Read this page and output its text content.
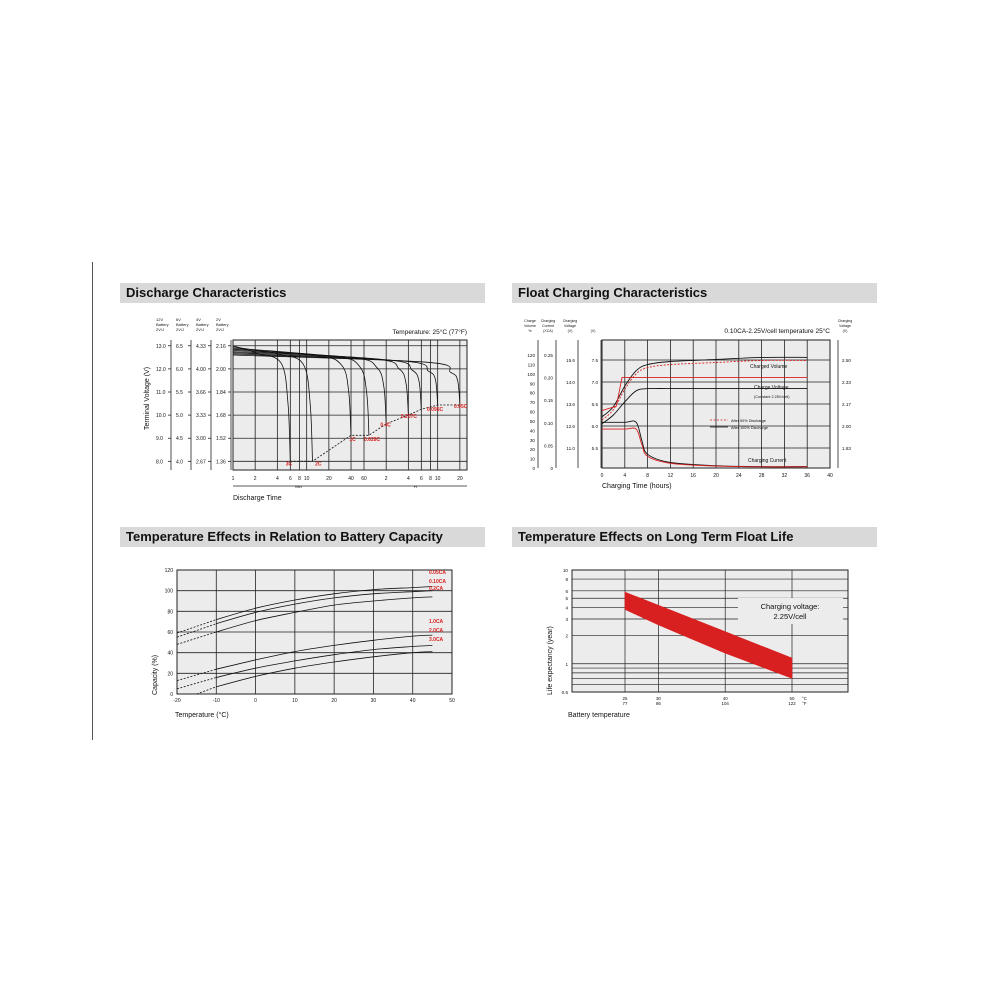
Discharge Characteristics	Float Charging Characteristics
Temperature Effects in Relation to Battery Capacity	Temperature Effects on Long Term Float Life
1	2	4 6 8 10	20	40 60	2	4 6 8 10	20
12V
Battery
2V/J
13.0
12.0
11.0
10.0
9.0
8.0
6V
Battery
2V/J
6.5
6.0
5.5
5.0
4.5
4.0
4V
Battery
2V/J
4.33
4.00
3.66
3.33
3.00
2.67
2V
Battery
2V/J
2.16
2.00
1.84
1.68
1.52
1.36
Terminal Voltage (V)
Temperature: 25°C (77°F)
Min	H
Discharge Time
3C	2C
1C 0.628C
0.4C
0.207C
0.095C 0.05C
0	4	8	12	16	20	24	28	32	36	40
Charging Time (hours)
0.10CA-2.25V/cell temperature 25°C
Charge
Volume
%
120
110
100
90
80
70
60
50
40
30
20
10
0
Charging
Current
(XCA)
0.25
0.20
0.15
0.10
0.05
0
Charging
Voltage
(V)
15.6
14.0
13.6
12.6
11.0
(V)
7.5
7.0
6.5
6.0
5.5
Charging
Voltage
(V)
2.50
2.33
2.17
2.00
1.83
Charged Volume
Charge Voltage
(Constant 2.25V/cell)
Charging Current
After 50% Discharge
After 100% Discharge
-20	-10	0	10	20	30	40	50
120
100
80
60
40
20
0
Capacity (%)
Temperature (°C)
0.05CA
0.10CA
0.2CA
1.0CA
2.0CA
3.0CA
10
8
6
5
4
3
2
1
0.5
Life expectancy (year)
25
77
30
86
40
104
50
122
°C
°F
Battery temperature
Charging voltage:
2.25V/cell
